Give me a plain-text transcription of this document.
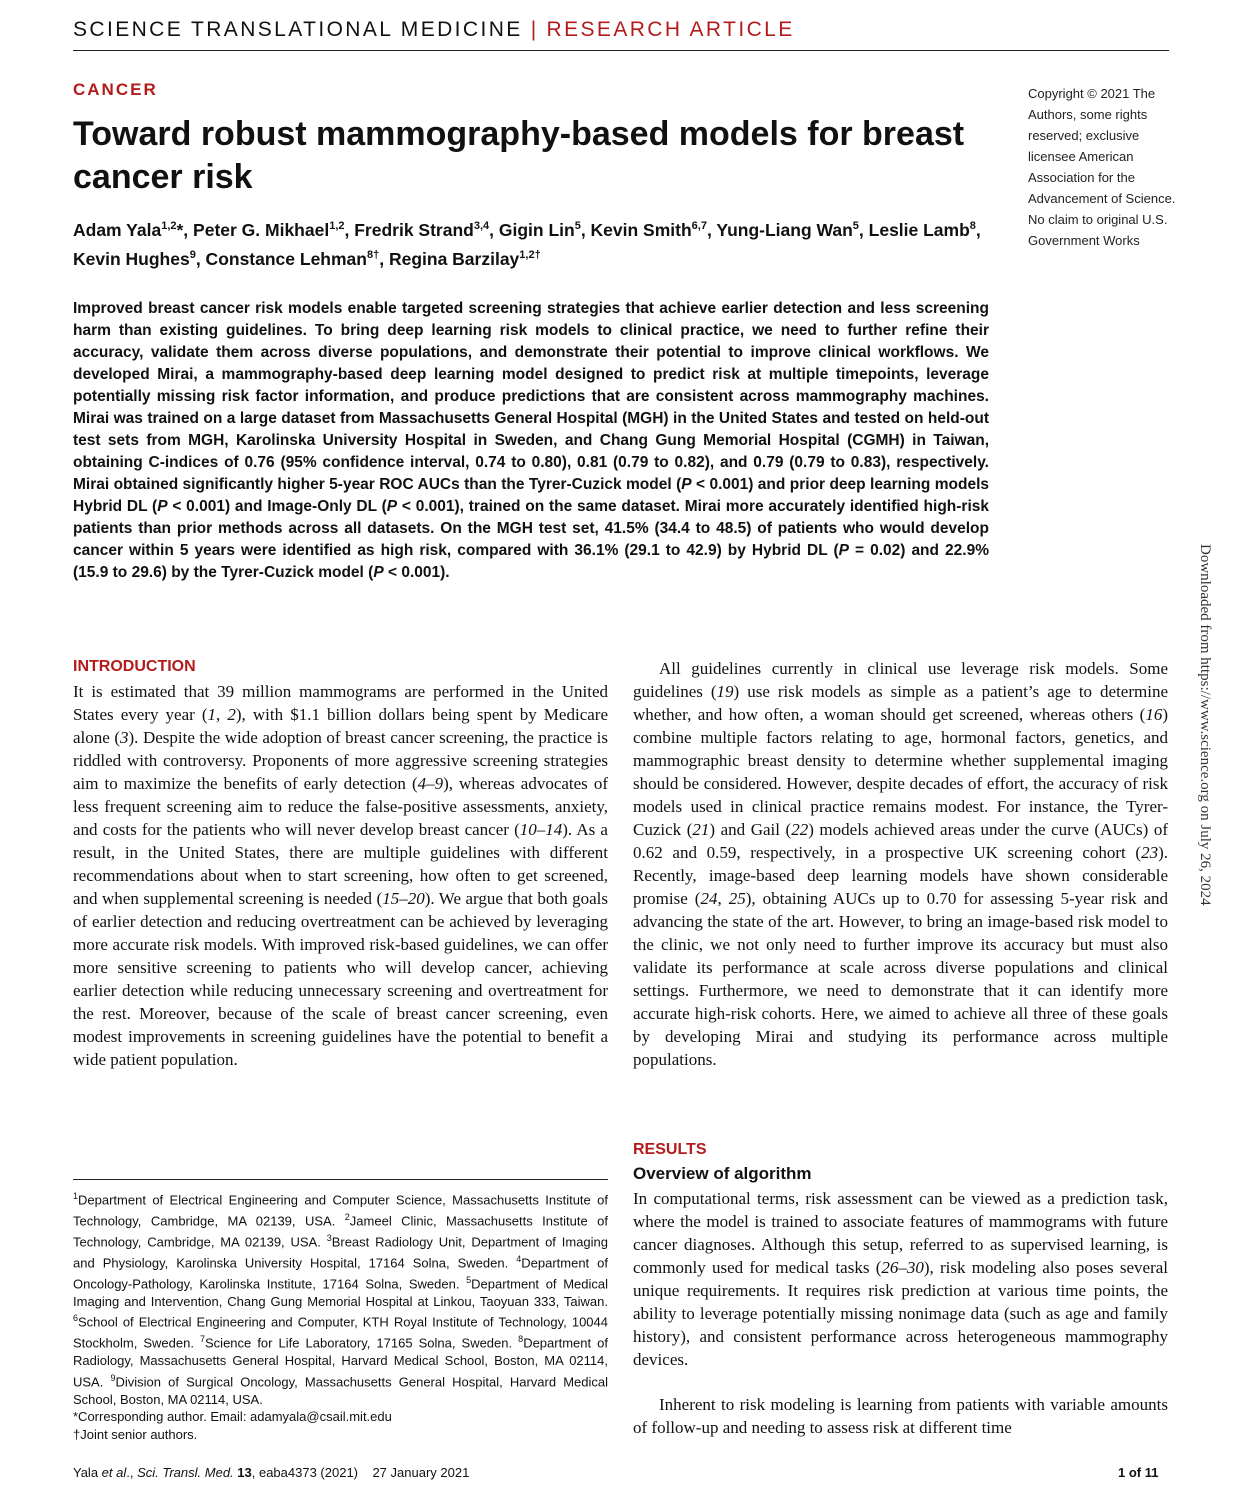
SCIENCE TRANSLATIONAL MEDICINE | RESEARCH ARTICLE
CANCER
Toward robust mammography-based models for breast cancer risk
Adam Yala$^{1,2}$*, Peter G. Mikhael$^{1,2}$, Fredrik Strand$^{3,4}$, Gigin Lin$^5$, Kevin Smith$^{6,7}$, Yung-Liang Wan$^5$, Leslie Lamb$^8$, Kevin Hughes$^9$, Constance Lehman$^{8\dagger}$, Regina Barzilay$^{1,2\dagger}$
Copyright © 2021 The Authors, some rights reserved; exclusive licensee American Association for the Advancement of Science. No claim to original U.S. Government Works

Improved breast cancer risk models enable targeted screening strategies that achieve earlier detection and less screening harm than existing guidelines. To bring deep learning risk models to clinical practice, we need to further refine their accuracy, validate them across diverse populations, and demonstrate their potential to improve clinical workflows. We developed Mirai, a mammography-based deep learning model designed to predict risk at multiple timepoints, leverage potentially missing risk factor information, and produce predictions that are consistent across mammography machines. Mirai was trained on a large dataset from Massachusetts General Hospital (MGH) in the United States and tested on held-out test sets from MGH, Karolinska University Hospital in Sweden, and Chang Gung Memorial Hospital (CGMH) in Taiwan, obtaining C-indices of 0.76 (95% confidence interval, 0.74 to 0.80), 0.81 (0.79 to 0.82), and 0.79 (0.79 to 0.83), respectively. Mirai obtained significantly higher 5-year ROC AUCs than the Tyrer-Cuzick model (P < 0.001) and prior deep learning models Hybrid DL (P < 0.001) and Image-Only DL (P < 0.001), trained on the same dataset. Mirai more accurately identified high-risk patients than prior methods across all datasets. On the MGH test set, 41.5% (34.4 to 48.5) of patients who would develop cancer within 5 years were identified as high risk, compared with 36.1% (29.1 to 42.9) by Hybrid DL (P = 0.02) and 22.9% (15.9 to 29.6) by the Tyrer-Cuzick model (P < 0.001).	Downloaded from https://www.science.org on July 26, 2024
INTRODUCTION

It is estimated that 39 million mammograms are performed in the United States every year (1, 2), with $1.1 billion dollars being spent by Medicare alone (3). Despite the wide adoption of breast cancer screening, the practice is riddled with controversy. Proponents of more aggressive screening strategies aim to maximize the benefits of early detection (4–9), whereas advocates of less frequent screening aim to reduce the false-positive assessments, anxiety, and costs for the patients who will never develop breast cancer (10–14). As a result, in the United States, there are multiple guidelines with different recommendations about when to start screening, how often to get screened, and when supplemental screening is needed (15–20). We argue that both goals of earlier detection and reducing overtreatment can be achieved by leveraging more accurate risk models. With improved risk-based guidelines, we can offer more sensitive screening to patients who will develop cancer, achieving earlier detection while reducing unnecessary screening and overtreatment for the rest. Moreover, because of the scale of breast cancer screening, even modest improvements in screening guidelines have the potential to benefit a wide patient population.

All guidelines currently in clinical use leverage risk models. Some guidelines (19) use risk models as simple as a patient’s age to determine whether, and how often, a woman should get screened, whereas others (16) combine multiple factors relating to age, hormonal factors, genetics, and mammographic breast density to determine whether supplemental imaging should be considered. However, despite decades of effort, the accuracy of risk models used in clinical practice remains modest. For instance, the Tyrer-Cuzick (21) and Gail (22) models achieved areas under the curve (AUCs) of 0.62 and 0.59, respectively, in a prospective UK screening cohort (23). Recently, image-based deep learning models have shown considerable promise (24, 25), obtaining AUCs up to 0.70 for assessing 5-year risk and advancing the state of the art. However, to bring an image-based risk model to the clinic, we not only need to further improve its accuracy but must also validate its performance at scale across diverse populations and clinical settings. Furthermore, we need to demonstrate that it can identify more accurate high-risk cohorts. Here, we aimed to achieve all three of these goals by developing Mirai and studying its performance across multiple populations.

RESULTS
Overview of algorithm

In computational terms, risk assessment can be viewed as a prediction task, where the model is trained to associate features of mammograms with future cancer diagnoses. Although this setup, referred to as supervised learning, is commonly used for medical tasks (26–30), risk modeling also poses several unique requirements. It requires risk prediction at various time points, the ability to leverage potentially missing nonimage data (such as age and family history), and consistent performance across heterogeneous mammography devices.

Inherent to risk modeling is learning from patients with variable amounts of follow-up and needing to assess risk at different time

$^1$Department of Electrical Engineering and Computer Science, Massachusetts Institute of Technology, Cambridge, MA 02139, USA. $^2$Jameel Clinic, Massachusetts Institute of Technology, Cambridge, MA 02139, USA. $^3$Breast Radiology Unit, Department of Imaging and Physiology, Karolinska University Hospital, 17164 Solna, Sweden. $^4$Department of Oncology-Pathology, Karolinska Institute, 17164 Solna, Sweden. $^5$Department of Medical Imaging and Intervention, Chang Gung Memorial Hospital at Linkou, Taoyuan 333, Taiwan. $^6$School of Electrical Engineering and Computer, KTH Royal Institute of Technology, 10044 Stockholm, Sweden. $^7$Science for Life Laboratory, 17165 Solna, Sweden. $^8$Department of Radiology, Massachusetts General Hospital, Harvard Medical School, Boston, MA 02114, USA. $^9$Division of Surgical Oncology, Massachusetts General Hospital, Harvard Medical School, Boston, MA 02114, USA.

*Corresponding author. Email: adamyala@csail.mit.edu

†Joint senior authors.

Yala et al., Sci. Transl. Med. 13, eaba4373 (2021)    27 January 2021	1 of 11
